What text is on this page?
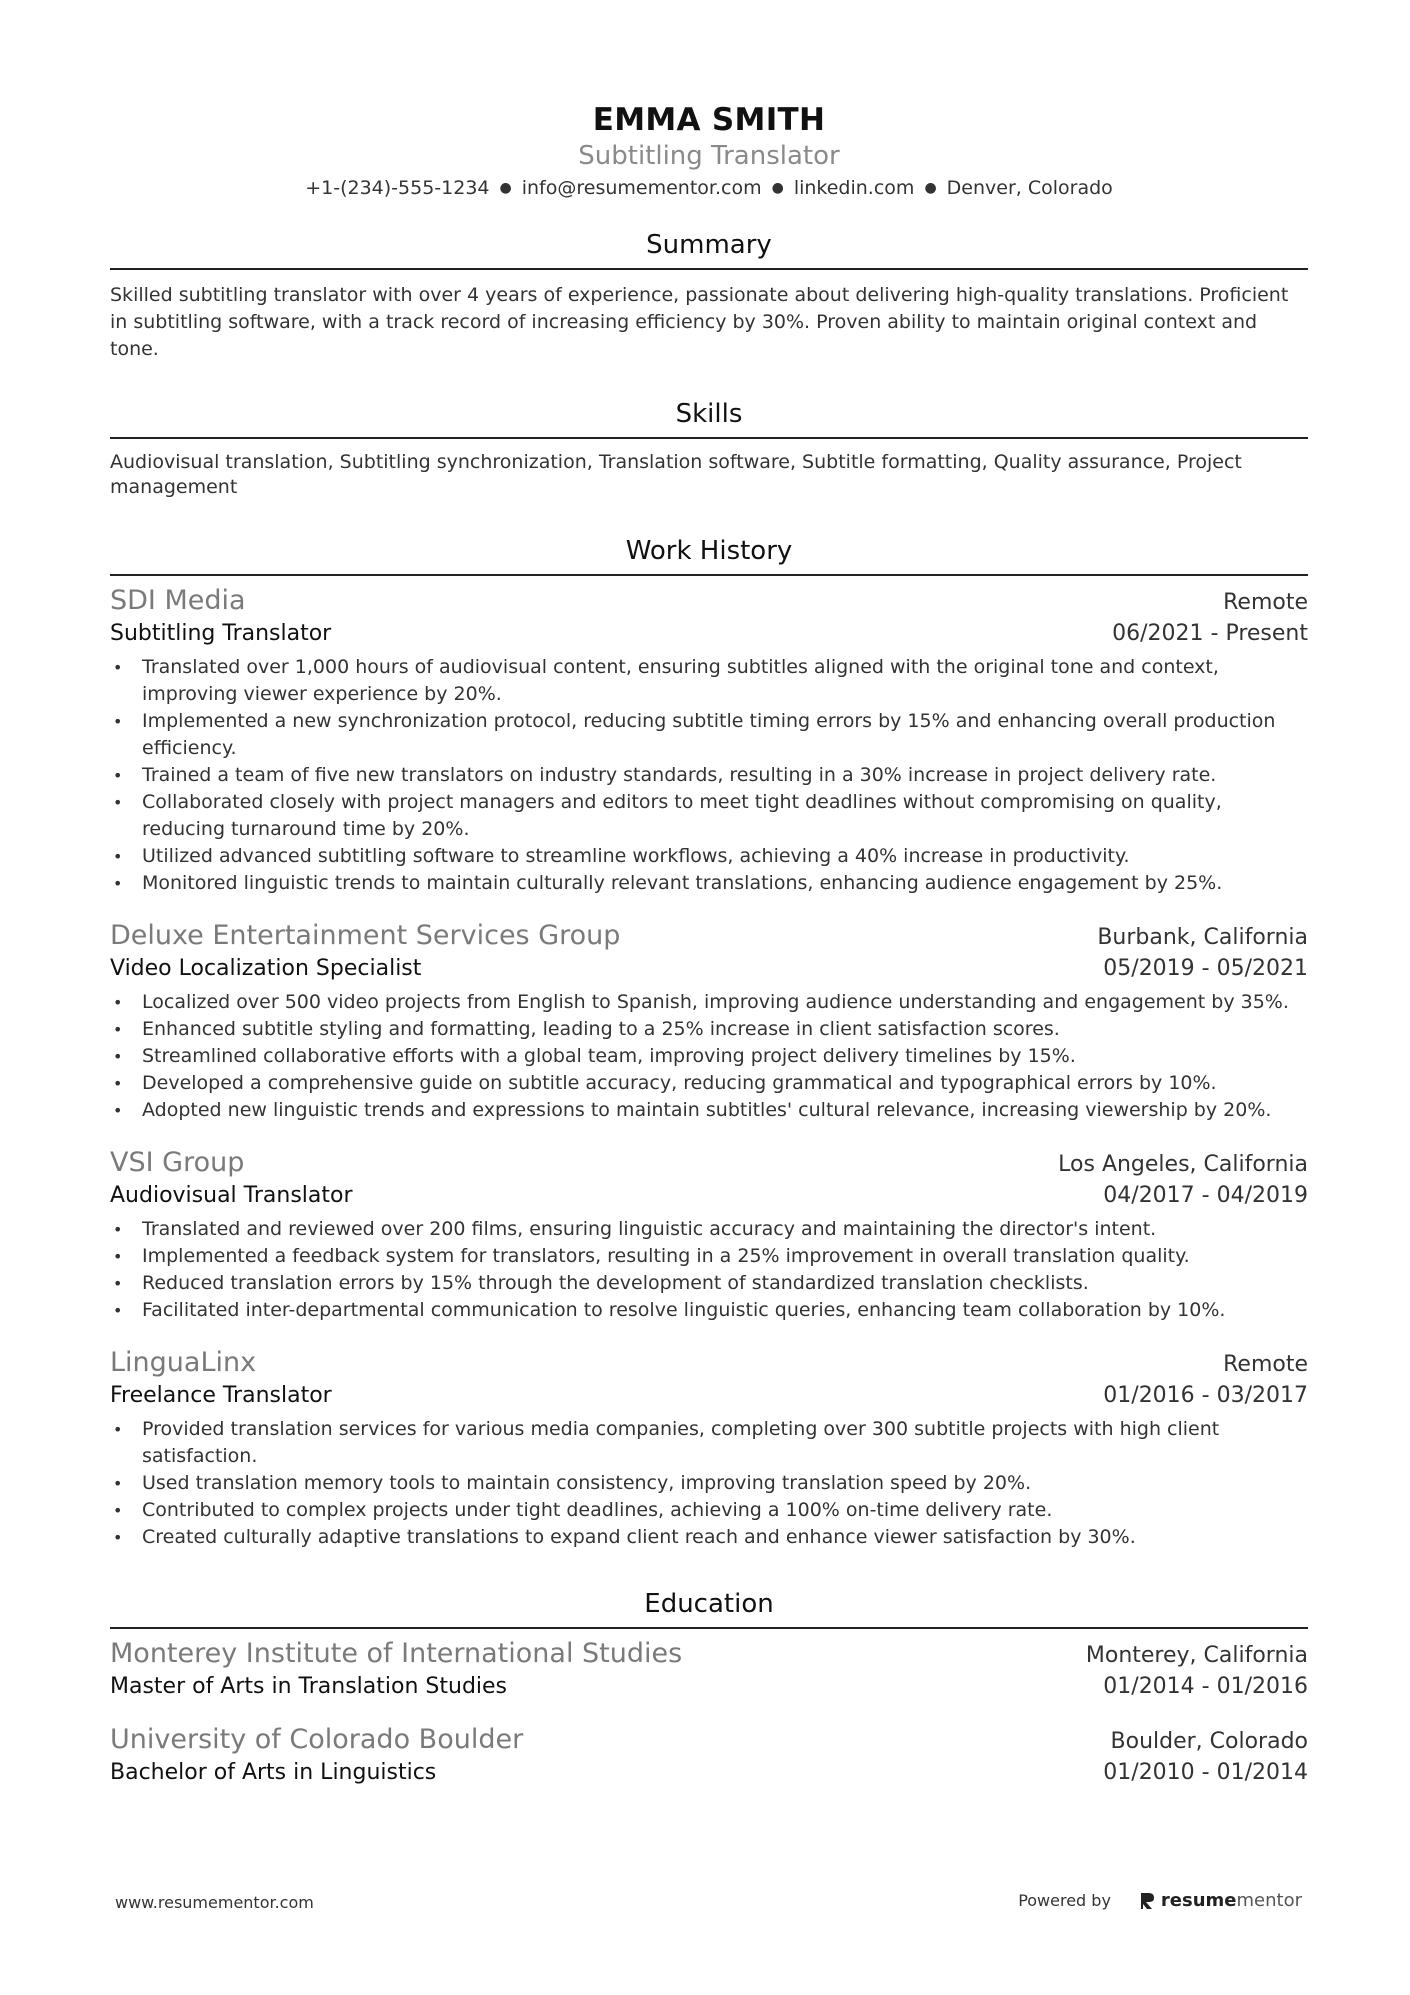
EMMA SMITH
Subtitling Translator
+1-(234)-555-1234 ● info@resumementor.com ● linkedin.com ● Denver, Colorado
Summary
Skilled subtitling translator with over 4 years of experience, passionate about delivering high-quality translations. Proficient in subtitling software, with a track record of increasing efficiency by 30%. Proven ability to maintain original context and tone.
Skills
Audiovisual translation, Subtitling synchronization, Translation software, Subtitle formatting, Quality assurance, Project management
Work History
SDI Media	Remote
Subtitling Translator	06/2021 - Present
• Translated over 1,000 hours of audiovisual content, ensuring subtitles aligned with the original tone and context, improving viewer experience by 20%.
• Implemented a new synchronization protocol, reducing subtitle timing errors by 15% and enhancing overall production efficiency.
• Trained a team of five new translators on industry standards, resulting in a 30% increase in project delivery rate.
• Collaborated closely with project managers and editors to meet tight deadlines without compromising on quality, reducing turnaround time by 20%.
• Utilized advanced subtitling software to streamline workflows, achieving a 40% increase in productivity.
• Monitored linguistic trends to maintain culturally relevant translations, enhancing audience engagement by 25%.
Deluxe Entertainment Services Group	Burbank, California
Video Localization Specialist	05/2019 - 05/2021
• Localized over 500 video projects from English to Spanish, improving audience understanding and engagement by 35%.
• Enhanced subtitle styling and formatting, leading to a 25% increase in client satisfaction scores.
• Streamlined collaborative efforts with a global team, improving project delivery timelines by 15%.
• Developed a comprehensive guide on subtitle accuracy, reducing grammatical and typographical errors by 10%.
• Adopted new linguistic trends and expressions to maintain subtitles' cultural relevance, increasing viewership by 20%.
VSI Group	Los Angeles, California
Audiovisual Translator	04/2017 - 04/2019
• Translated and reviewed over 200 films, ensuring linguistic accuracy and maintaining the director's intent.
• Implemented a feedback system for translators, resulting in a 25% improvement in overall translation quality.
• Reduced translation errors by 15% through the development of standardized translation checklists.
• Facilitated inter-departmental communication to resolve linguistic queries, enhancing team collaboration by 10%.
LinguaLinx	Remote
Freelance Translator	01/2016 - 03/2017
• Provided translation services for various media companies, completing over 300 subtitle projects with high client satisfaction.
• Used translation memory tools to maintain consistency, improving translation speed by 20%.
• Contributed to complex projects under tight deadlines, achieving a 100% on-time delivery rate.
• Created culturally adaptive translations to expand client reach and enhance viewer satisfaction by 30%.
Education
Monterey Institute of International Studies	Monterey, California
Master of Arts in Translation Studies	01/2014 - 01/2016
University of Colorado Boulder	Boulder, Colorado
Bachelor of Arts in Linguistics	01/2010 - 01/2014
www.resumementor.com	Powered by	resumementor
